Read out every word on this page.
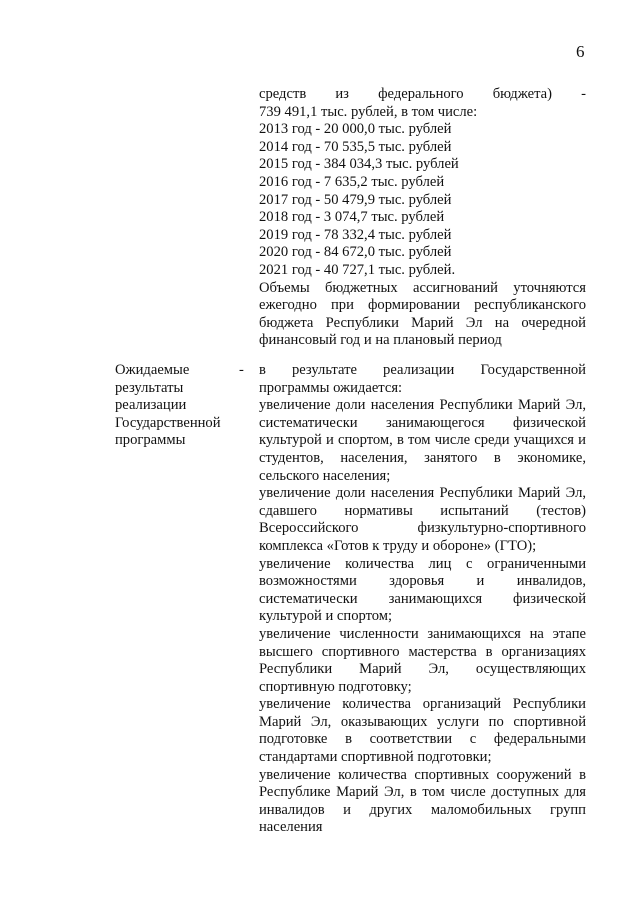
6

средств из федерального бюджета) -

739 491,1 тыс. рублей, в том числе:

2013 год - 20 000,0 тыс. рублей

2014 год - 70 535,5 тыс. рублей

2015 год - 384 034,3 тыс. рублей

2016 год - 7 635,2 тыс. рублей

2017 год - 50 479,9 тыс. рублей

2018 год - 3 074,7 тыс. рублей

2019 год - 78 332,4 тыс. рублей

2020 год - 84 672,0 тыс. рублей

2021 год - 40 727,1 тыс. рублей.

Объемы бюджетных ассигнований уточняются ежегодно при формировании республиканского бюджета Республики Марий Эл на очередной финансовый год и на плановый период

Ожидаемые

результаты

реализации

Государственной

программы

- в результате реализации Государственной программы ожидается:

увеличение доли населения Республики Марий Эл, систематически занимающегося физической культурой и спортом, в том числе среди учащихся и студентов, населения, занятого в экономике, сельского населения;

увеличение доли населения Республики Марий Эл, сдавшего нормативы испытаний (тестов) Всероссийского физкультурно-спортивного комплекса «Готов к труду и обороне» (ГТО);

увеличение количества лиц с ограниченными возможностями здоровья и инвалидов, систематически занимающихся физической культурой и спортом;

увеличение численности занимающихся на этапе высшего спортивного мастерства в организациях Республики Марий Эл, осуществляющих спортивную подготовку;

увеличение количества организаций Республики Марий Эл, оказывающих услуги по спортивной подготовке в соответствии с федеральными стандартами спортивной подготовки;

увеличение количества спортивных сооружений в Республике Марий Эл, в том числе доступных для инвалидов и других маломобильных групп населения
